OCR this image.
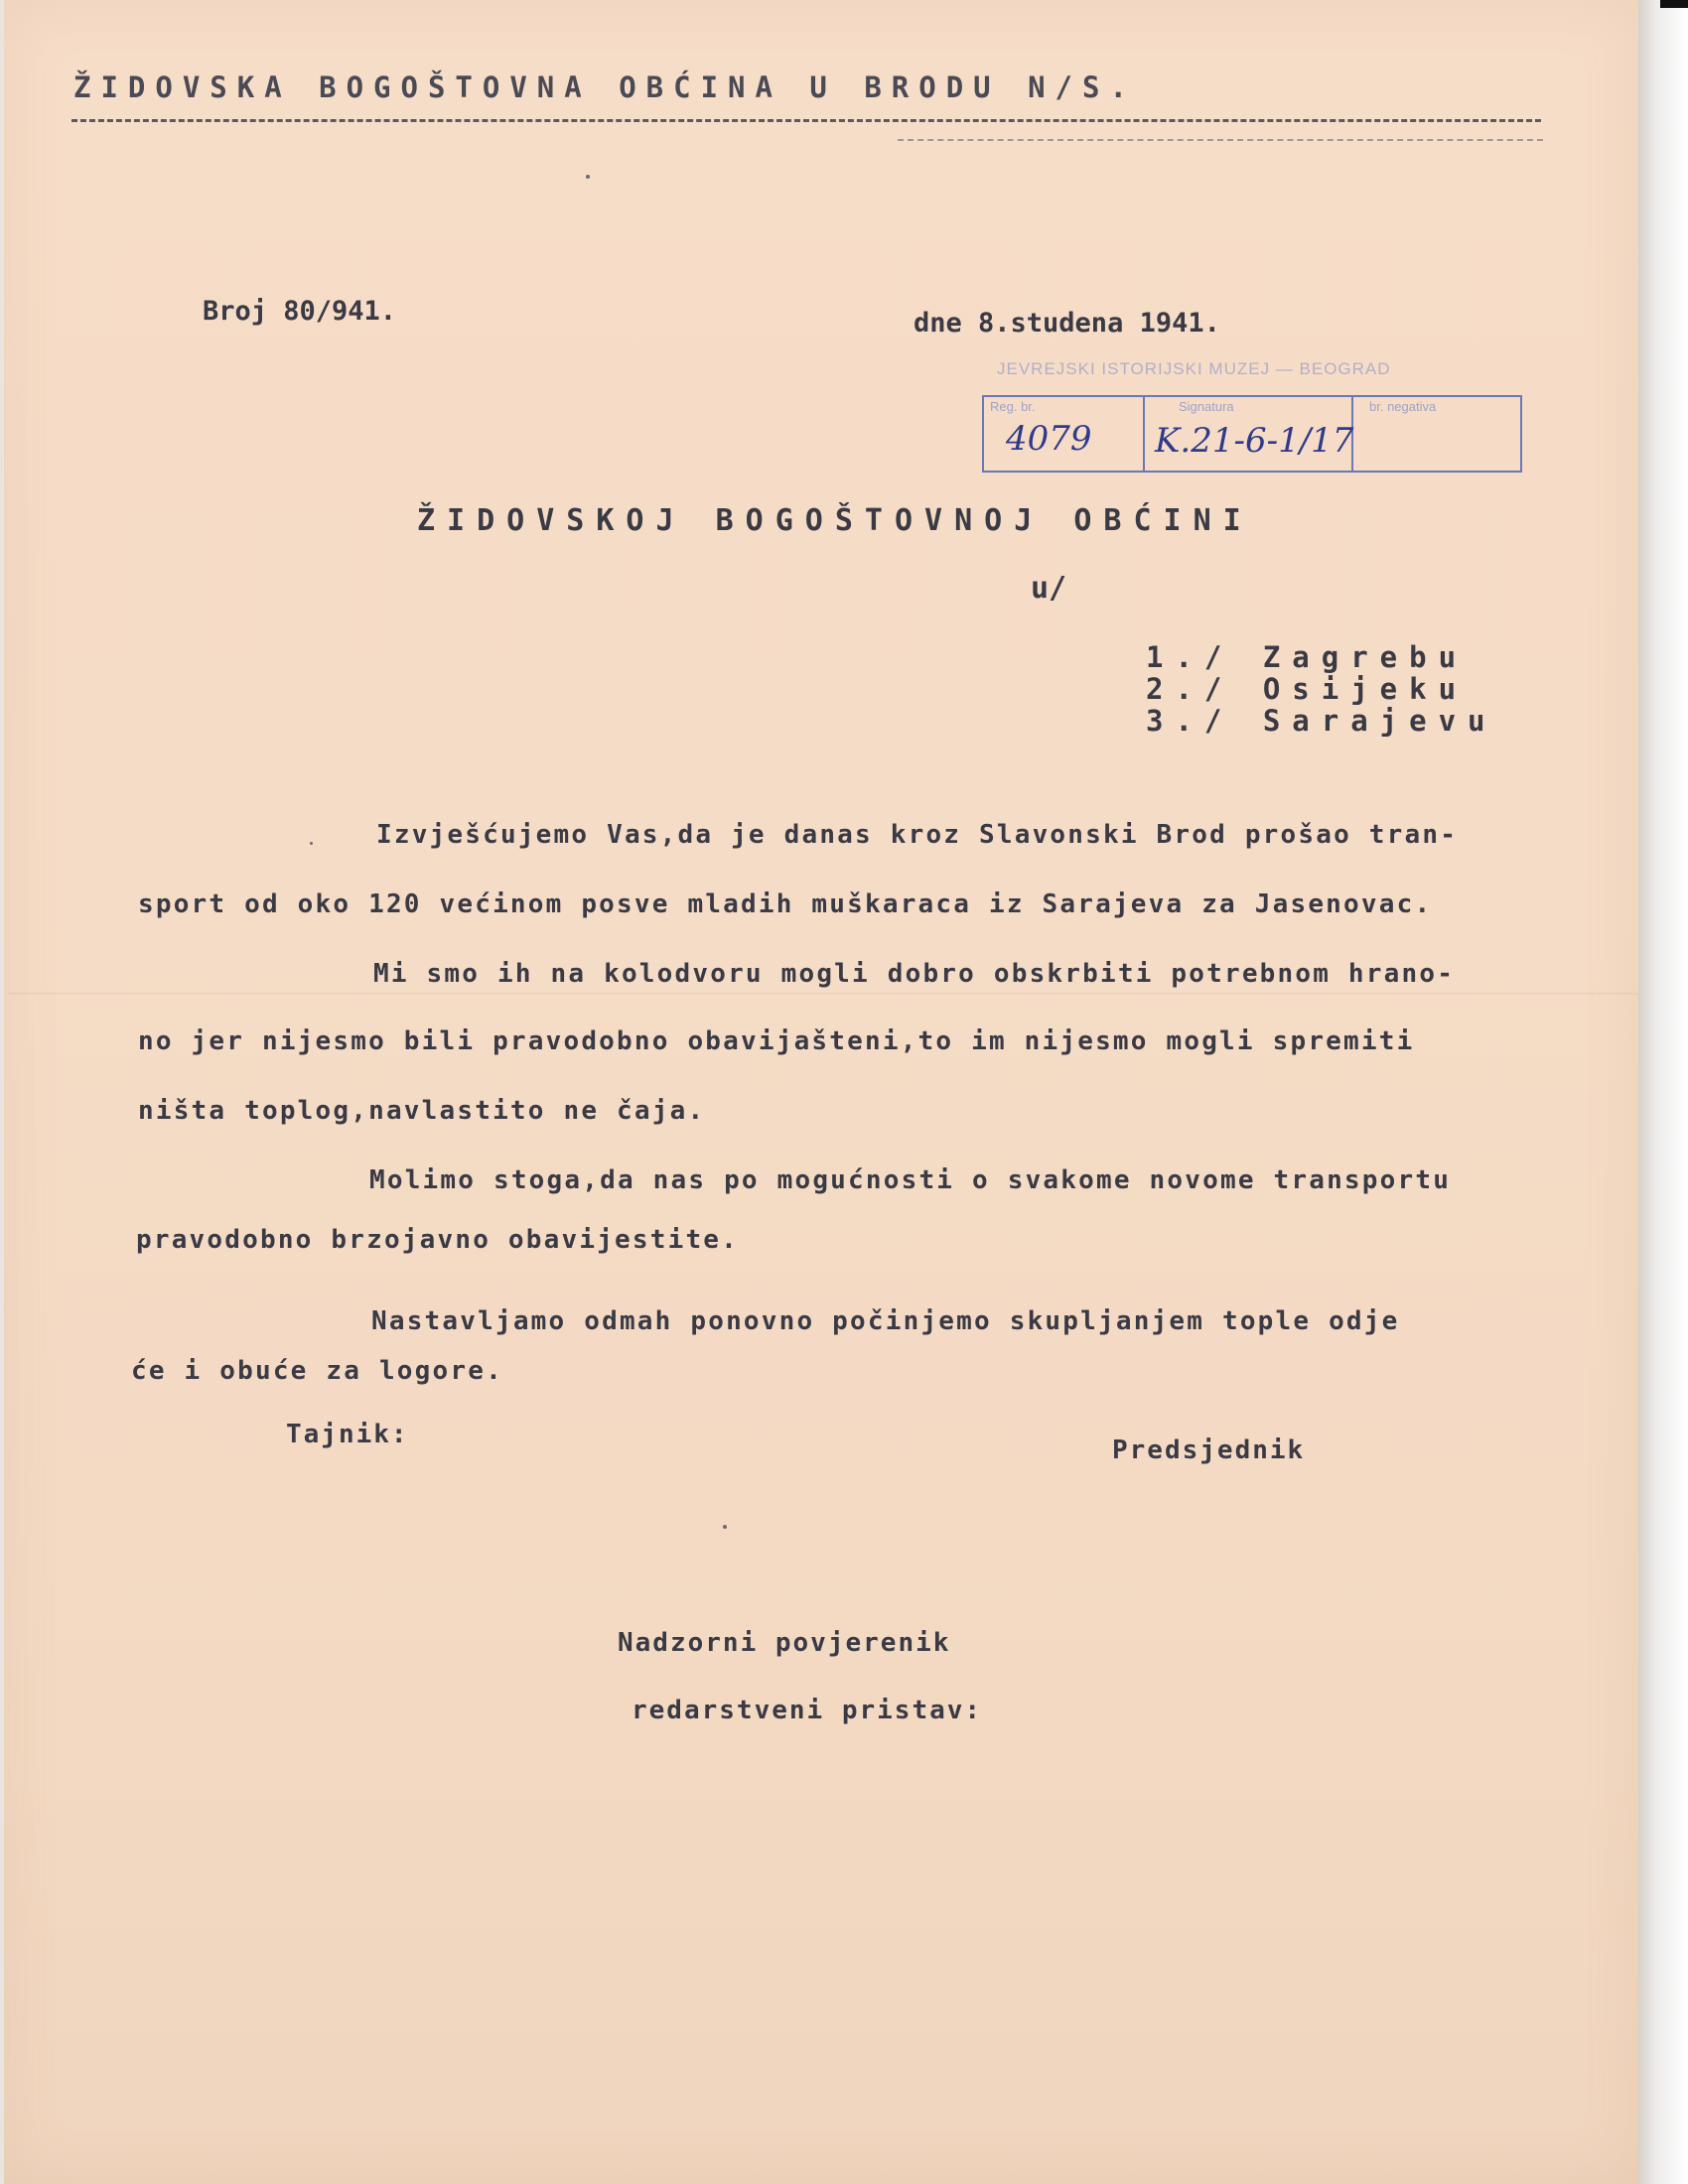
ŽIDOVSKA BOGOŠTOVNA OBĆINA U BRODU N/S.

Broj 80/941.	dne 8.studena 1941.

JEVREJSKI ISTORIJSKI MUZEJ — BEOGRAD
Reg. br.	Signatura	br. negativa
4079 K.21-6-1/17

ŽIDOVSKOJ BOGOŠTOVNOJ OBĆINI

u/

1./ Zagrebu

2./ Osijeku

3./ Sarajevu

Izvješćujemo Vas,da je danas kroz Slavonski Brod prošao tran-

sport od oko 120 većinom posve mladih muškaraca iz Sarajeva za Jasenovac.

Mi smo ih na kolodvoru mogli dobro obskrbiti potrebnom hrano-

no jer nijesmo bili pravodobno obavijašteni,to im nijesmo mogli spremiti

ništa toplog,navlastito ne čaja.

Molimo stoga,da nas po mogućnosti o svakome novome transportu

pravodobno brzojavno obavijestite.

Nastavljamo odmah ponovno počinjemo skupljanjem tople odje

će i obuće za logore.

Tajnik:

Predsjednik

Nadzorni povjerenik

redarstveni pristav:
